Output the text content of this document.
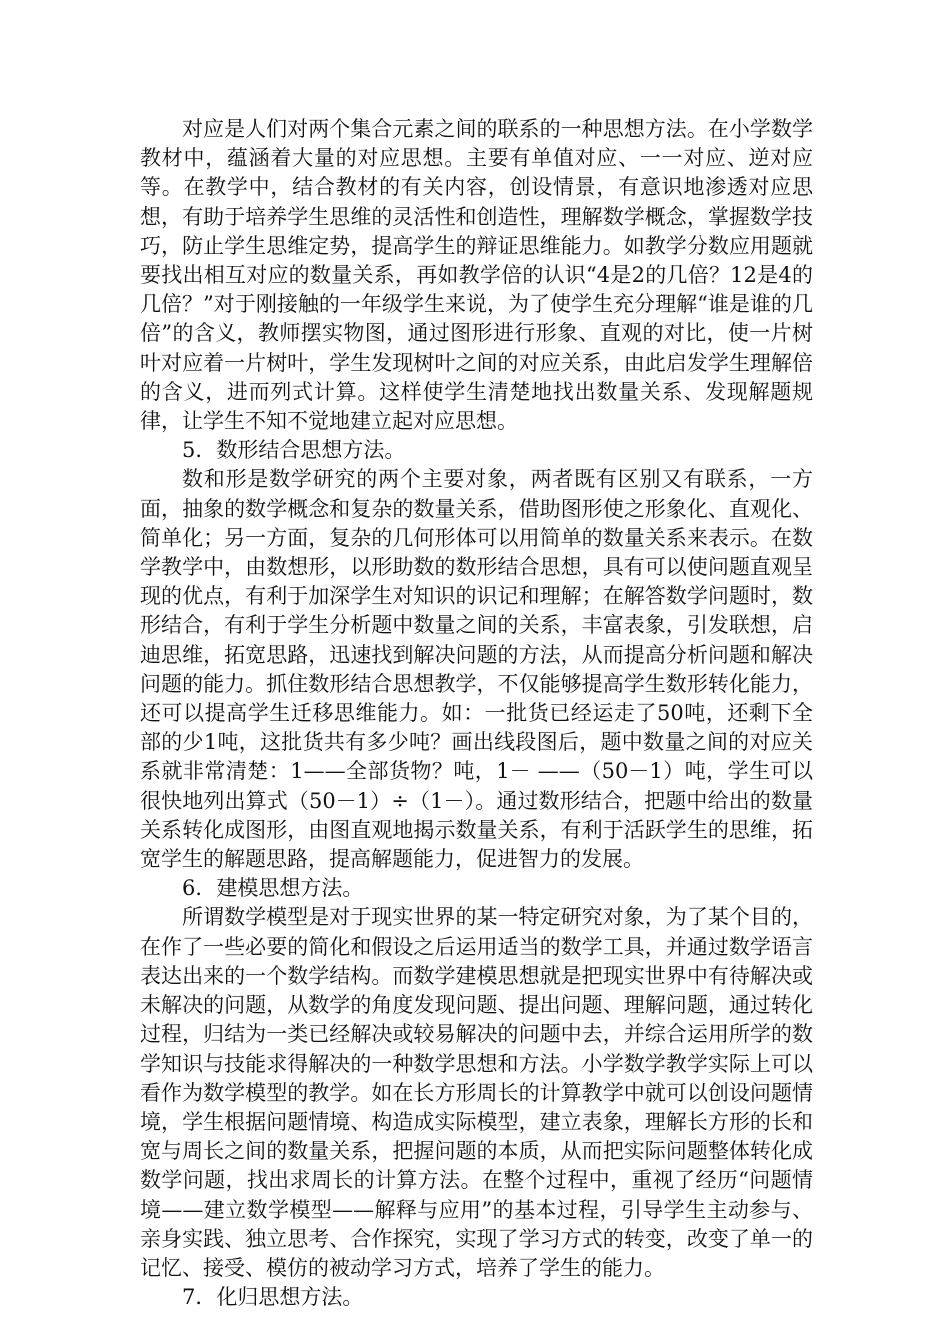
对应是人们对两个集合元素之间的联系的一种思想方法。在小学数学教材中，蕴涵着大量的对应思想。主要有单值对应、一一对应、逆对应等。在教学中，结合教材的有关内容，创设情景，有意识地渗透对应思想，有助于培养学生思维的灵活性和创造性，理解数学概念，掌握数学技巧，防止学生思维定势，提高学生的辩证思维能力。如教学分数应用题就要找出相互对应的数量关系，再如教学倍的认识“4是2的几倍？12是4的几倍？”对于刚接触的一年级学生来说，为了使学生充分理解“谁是谁的几倍”的含义，教师摆实物图，通过图形进行形象、直观的对比，使一片树叶对应着一片树叶，学生发现树叶之间的对应关系，由此启发学生理解倍的含义，进而列式计算。这样使学生清楚地找出数量关系、发现解题规律，让学生不知不觉地建立起对应思想。

5．数形结合思想方法。

数和形是数学研究的两个主要对象，两者既有区别又有联系，一方面，抽象的数学概念和复杂的数量关系，借助图形使之形象化、直观化、简单化；另一方面，复杂的几何形体可以用简单的数量关系来表示。在数学教学中，由数想形，以形助数的数形结合思想，具有可以使问题直观呈现的优点，有利于加深学生对知识的识记和理解；在解答数学问题时，数形结合，有利于学生分析题中数量之间的关系，丰富表象，引发联想，启迪思维，拓宽思路，迅速找到解决问题的方法，从而提高分析问题和解决问题的能力。抓住数形结合思想教学，不仅能够提高学生数形转化能力，还可以提高学生迁移思维能力。如：一批货已经运走了50吨，还剩下全部的少1吨，这批货共有多少吨？画出线段图后，题中数量之间的对应关系就非常清楚：1——全部货物？吨，1－ ——（50－1）吨，学生可以很快地列出算式（50－1）÷（1－）。通过数形结合，把题中给出的数量关系转化成图形，由图直观地揭示数量关系，有利于活跃学生的思维，拓宽学生的解题思路，提高解题能力，促进智力的发展。

6．建模思想方法。

所谓数学模型是对于现实世界的某一特定研究对象，为了某个目的，在作了一些必要的简化和假设之后运用适当的数学工具，并通过数学语言表达出来的一个数学结构。而数学建模思想就是把现实世界中有待解决或未解决的问题，从数学的角度发现问题、提出问题、理解问题，通过转化过程，归结为一类已经解决或较易解决的问题中去，并综合运用所学的数学知识与技能求得解决的一种数学思想和方法。小学数学教学实际上可以看作为数学模型的教学。如在长方形周长的计算教学中就可以创设问题情境，学生根据问题情境、构造成实际模型，建立表象，理解长方形的长和宽与周长之间的数量关系，把握问题的本质，从而把实际问题整体转化成数学问题，找出求周长的计算方法。在整个过程中，重视了经历“问题情境——建立数学模型——解释与应用”的基本过程，引导学生主动参与、亲身实践、独立思考、合作探究，实现了学习方式的转变，改变了单一的记忆、接受、模仿的被动学习方式，培养了学生的能力。

7．化归思想方法。
